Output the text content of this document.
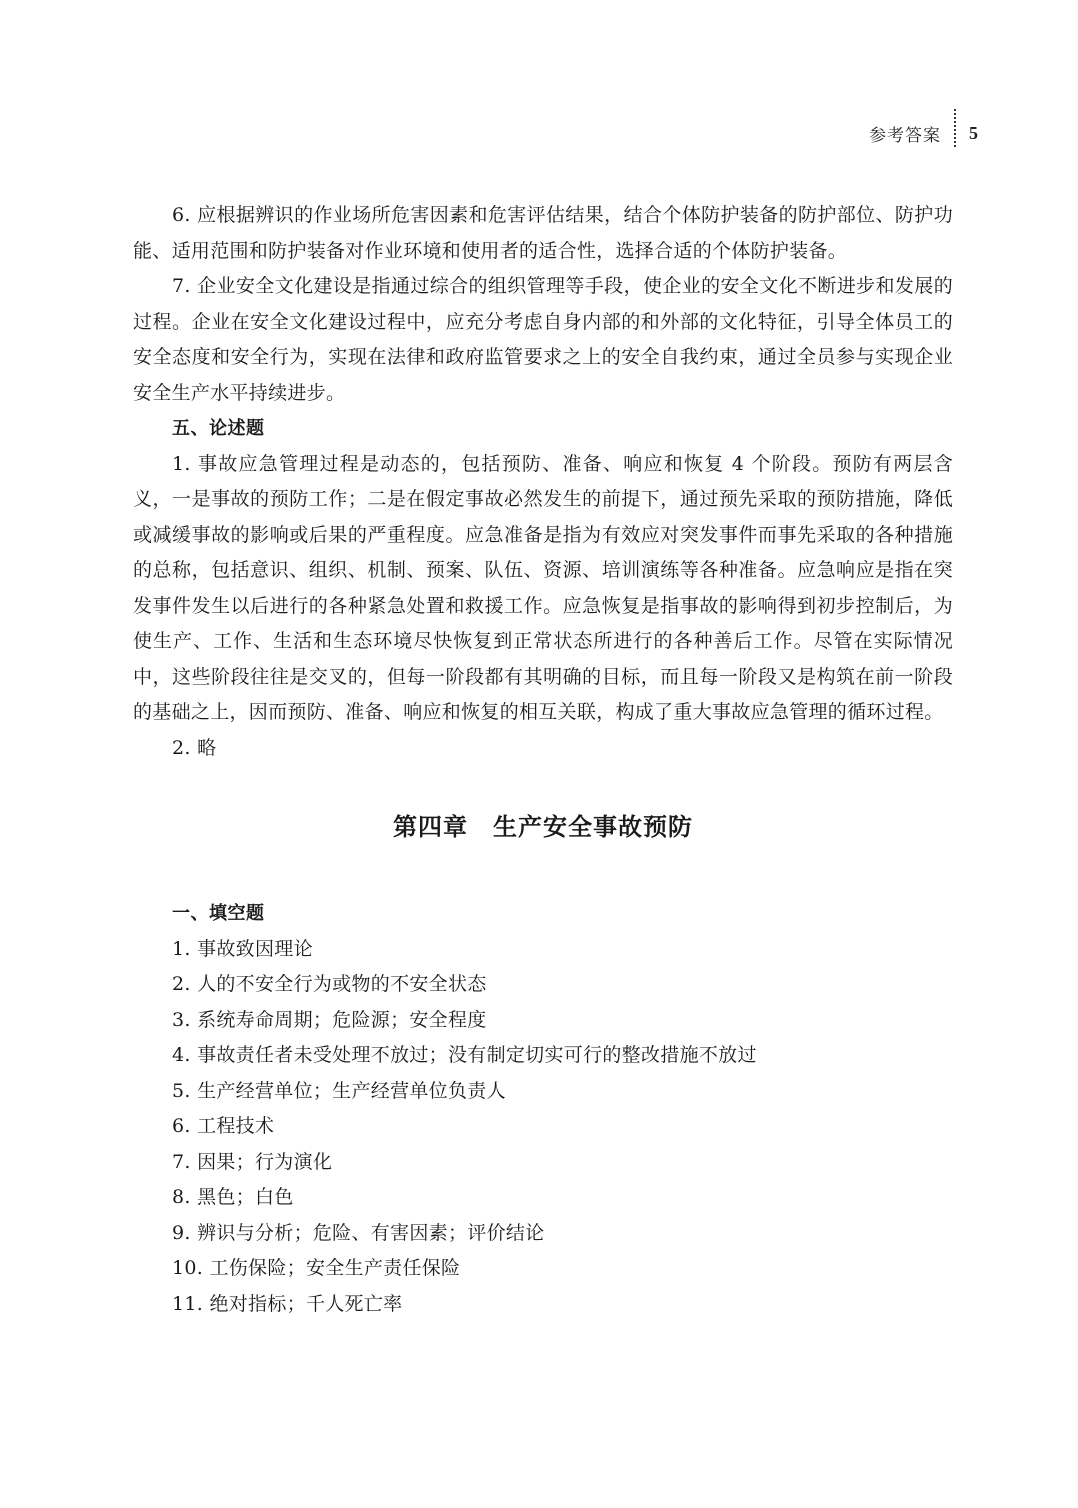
参考答案 5

6. 应根据辨识的作业场所危害因素和危害评估结果，结合个体防护装备的防护部位、防护功能、适用范围和防护装备对作业环境和使用者的适合性，选择合适的个体防护装备。

7. 企业安全文化建设是指通过综合的组织管理等手段，使企业的安全文化不断进步和发展的过程。企业在安全文化建设过程中，应充分考虑自身内部的和外部的文化特征，引导全体员工的安全态度和安全行为，实现在法律和政府监管要求之上的安全自我约束，通过全员参与实现企业安全生产水平持续进步。

五、论述题

1. 事故应急管理过程是动态的，包括预防、准备、响应和恢复 4 个阶段。预防有两层含义，一是事故的预防工作；二是在假定事故必然发生的前提下，通过预先采取的预防措施，降低或减缓事故的影响或后果的严重程度。应急准备是指为有效应对突发事件而事先采取的各种措施的总称，包括意识、组织、机制、预案、队伍、资源、培训演练等各种准备。应急响应是指在突发事件发生以后进行的各种紧急处置和救援工作。应急恢复是指事故的影响得到初步控制后，为使生产、工作、生活和生态环境尽快恢复到正常状态所进行的各种善后工作。尽管在实际情况中，这些阶段往往是交叉的，但每一阶段都有其明确的目标，而且每一阶段又是构筑在前一阶段的基础之上，因而预防、准备、响应和恢复的相互关联，构成了重大事故应急管理的循环过程。

2. 略

第四章　生产安全事故预防

一、填空题

1. 事故致因理论
2. 人的不安全行为或物的不安全状态
3. 系统寿命周期；危险源；安全程度
4. 事故责任者未受处理不放过；没有制定切实可行的整改措施不放过
5. 生产经营单位；生产经营单位负责人
6. 工程技术
7. 因果；行为演化
8. 黑色；白色
9. 辨识与分析；危险、有害因素；评价结论
10. 工伤保险；安全生产责任保险
11. 绝对指标；千人死亡率
